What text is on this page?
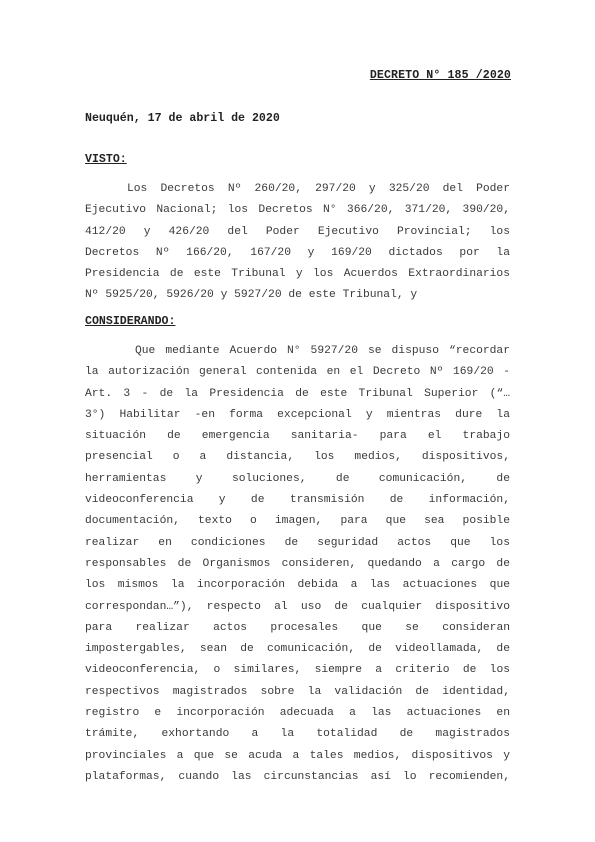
DECRETO N° 185 /2020
Neuquén, 17 de abril de 2020
VISTO:
Los Decretos Nº 260/20, 297/20 y 325/20 del Poder
Ejecutivo Nacional; los Decretos N° 366/20, 371/20, 390/20,
412/20 y 426/20 del Poder Ejecutivo Provincial; los
Decretos Nº 166/20, 167/20 y 169/20 dictados por la
Presidencia de este Tribunal y los Acuerdos Extraordinarios
Nº 5925/20, 5926/20 y 5927/20 de este Tribunal, y
CONSIDERANDO:
Que mediante Acuerdo N° 5927/20 se dispuso “recordar
la autorización general contenida en el Decreto Nº 169/20 -
Art. 3 - de la Presidencia de este Tribunal Superior (“…
3°) Habilitar -en forma excepcional y mientras dure la
situación de emergencia sanitaria- para el trabajo
presencial o a distancia, los medios, dispositivos,
herramientas y soluciones, de comunicación, de
videoconferencia y de transmisión de información,
documentación, texto o imagen, para que sea posible
realizar en condiciones de seguridad actos que los
responsables de Organismos consideren, quedando a cargo de
los mismos la incorporación debida a las actuaciones que
correspondan…”), respecto al uso de cualquier dispositivo
para realizar actos procesales que se consideran
impostergables, sean de comunicación, de videollamada, de
videoconferencia, o similares, siempre a criterio de los
respectivos magistrados sobre la validación de identidad,
registro e incorporación adecuada a las actuaciones en
trámite, exhortando a la totalidad de magistrados
provinciales a que se acuda a tales medios, dispositivos y
plataformas, cuando las circunstancias así lo recomienden,
